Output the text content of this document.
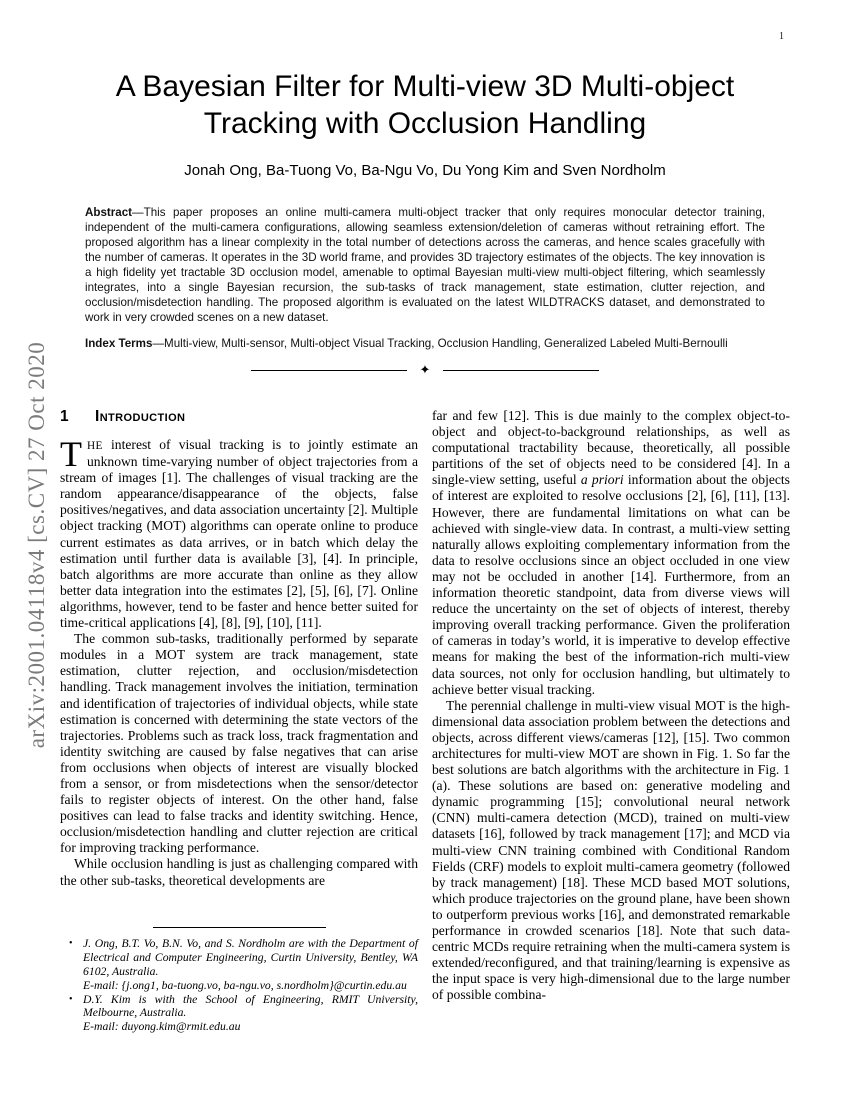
1
arXiv:2001.04118v4 [cs.CV] 27 Oct 2020
A Bayesian Filter for Multi-view 3D Multi-object
Tracking with Occlusion Handling
Jonah Ong, Ba-Tuong Vo, Ba-Ngu Vo, Du Yong Kim and Sven Nordholm
Abstract—This paper proposes an online multi-camera multi-object tracker that only requires monocular detector training, independent of the multi-camera configurations, allowing seamless extension/deletion of cameras without retraining effort. The proposed algorithm has a linear complexity in the total number of detections across the cameras, and hence scales gracefully with the number of cameras. It operates in the 3D world frame, and provides 3D trajectory estimates of the objects. The key innovation is a high fidelity yet tractable 3D occlusion model, amenable to optimal Bayesian multi-view multi-object filtering, which seamlessly integrates, into a single Bayesian recursion, the sub-tasks of track management, state estimation, clutter rejection, and occlusion/misdetection handling. The proposed algorithm is evaluated on the latest WILDTRACKS dataset, and demonstrated to work in very crowded scenes on a new dataset.
Index Terms—Multi-view, Multi-sensor, Multi-object Visual Tracking, Occlusion Handling, Generalized Labeled Multi-Bernoulli
✦
1	Introduction

THE interest of visual tracking is to jointly estimate an unknown time-varying number of object trajectories from a stream of images [1]. The challenges of visual tracking are the random appearance/disappearance of the objects, false positives/negatives, and data association uncertainty [2]. Multiple object tracking (MOT) algorithms can operate online to produce current estimates as data arrives, or in batch which delay the estimation until further data is available [3], [4]. In principle, batch algorithms are more accurate than online as they allow better data integration into the estimates [2], [5], [6], [7]. Online algorithms, however, tend to be faster and hence better suited for time-critical applications [4], [8], [9], [10], [11].

The common sub-tasks, traditionally performed by separate modules in a MOT system are track management, state estimation, clutter rejection, and occlusion/misdetection handling. Track management involves the initiation, termination and identification of trajectories of individual objects, while state estimation is concerned with determining the state vectors of the trajectories. Problems such as track loss, track fragmentation and identity switching are caused by false negatives that can arise from occlusions when objects of interest are visually blocked from a sensor, or from misdetections when the sensor/detector fails to register objects of interest. On the other hand, false positives can lead to false tracks and identity switching. Hence, occlusion/misdetection handling and clutter rejection are critical for improving tracking performance.

While occlusion handling is just as challenging compared with the other sub-tasks, theoretical developments are

• J. Ong, B.T. Vo, B.N. Vo, and S. Nordholm are with the Department of Electrical and Computer Engineering, Curtin University, Bentley, WA 6102, Australia.
E-mail: {j.ong1, ba-tuong.vo, ba-ngu.vo, s.nordholm}@curtin.edu.au
• D.Y. Kim is with the School of Engineering, RMIT University, Melbourne, Australia.
E-mail: duyong.kim@rmit.edu.au

far and few [12]. This is due mainly to the complex object-to-object and object-to-background relationships, as well as computational tractability because, theoretically, all possible partitions of the set of objects need to be considered [4]. In a single-view setting, useful a priori information about the objects of interest are exploited to resolve occlusions [2], [6], [11], [13]. However, there are fundamental limitations on what can be achieved with single-view data. In contrast, a multi-view setting naturally allows exploiting complementary information from the data to resolve occlusions since an object occluded in one view may not be occluded in another [14]. Furthermore, from an information theoretic standpoint, data from diverse views will reduce the uncertainty on the set of objects of interest, thereby improving overall tracking performance. Given the proliferation of cameras in today’s world, it is imperative to develop effective means for making the best of the information-rich multi-view data sources, not only for occlusion handling, but ultimately to achieve better visual tracking.

The perennial challenge in multi-view visual MOT is the high-dimensional data association problem between the detections and objects, across different views/cameras [12], [15]. Two common architectures for multi-view MOT are shown in Fig. 1. So far the best solutions are batch algorithms with the architecture in Fig. 1 (a). These solutions are based on: generative modeling and dynamic programming [15]; convolutional neural network (CNN) multi-camera detection (MCD), trained on multi-view datasets [16], followed by track management [17]; and MCD via multi-view CNN training combined with Conditional Random Fields (CRF) models to exploit multi-camera geometry (followed by track management) [18]. These MCD based MOT solutions, which produce trajectories on the ground plane, have been shown to outperform previous works [16], and demonstrated remarkable performance in crowded scenarios [18]. Note that such data-centric MCDs require retraining when the multi-camera system is extended/reconfigured, and that training/learning is expensive as the input space is very high-dimensional due to the large number of possible combina-
